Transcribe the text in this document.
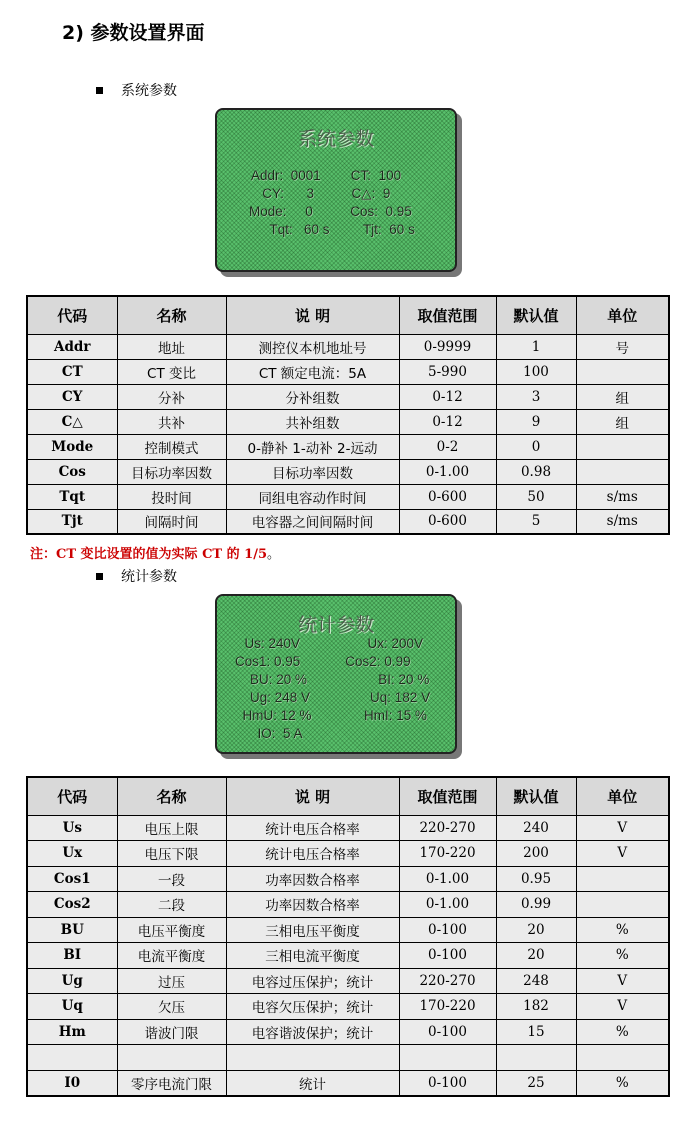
2) 参数设置界面
系统参数
系统参数
Addr:  0001        CT:  100
CY:      3          C△:  9
Mode:     0          Cos:  0.95
Tqt:   60 s         Tjt:  60 s
代码	名称	说 明	取值范围	默认值	单位
Addr	地址	测控仪本机地址号	0-9999	1	号
CT	CT 变比	CT 额定电流：5A	5-990	100	
CY	分补	分补组数	0-12	3	组
C△	共补	共补组数	0-12	9	组
Mode	控制模式	0-静补 1-动补 2-远动	0-2	0	
Cos	目标功率因数	目标功率因数	0-1.00	0.98	
Tqt	投时间	同组电容动作时间	0-600	50	s/ms
Tjt	间隔时间	电容器之间间隔时间	0-600	5	s/ms
注：CT 变比设置的值为实际 CT 的 1/5。
统计参数
统计参数
Us: 240V                  Ux: 200V
Cos1: 0.95            Cos2: 0.99
BU: 20 %                   BI: 20 %
Ug: 248 V                Uq: 182 V
HmU: 12 %              HmI: 15 %
IO:  5 A
代码	名称	说 明	取值范围	默认值	单位
Us	电压上限	统计电压合格率	220-270	240	V
Ux	电压下限	统计电压合格率	170-220	200	V
Cos1	一段	功率因数合格率	0-1.00	0.95	
Cos2	二段	功率因数合格率	0-1.00	0.99	
BU	电压平衡度	三相电压平衡度	0-100	20	%
BI	电流平衡度	三相电流平衡度	0-100	20	%
Ug	过压	电容过压保护；统计	220-270	248	V
Uq	欠压	电容欠压保护；统计	170-220	182	V
Hm	谐波门限	电容谐波保护；统计	0-100	15	%

I0	零序电流门限	统计	0-100	25	%
